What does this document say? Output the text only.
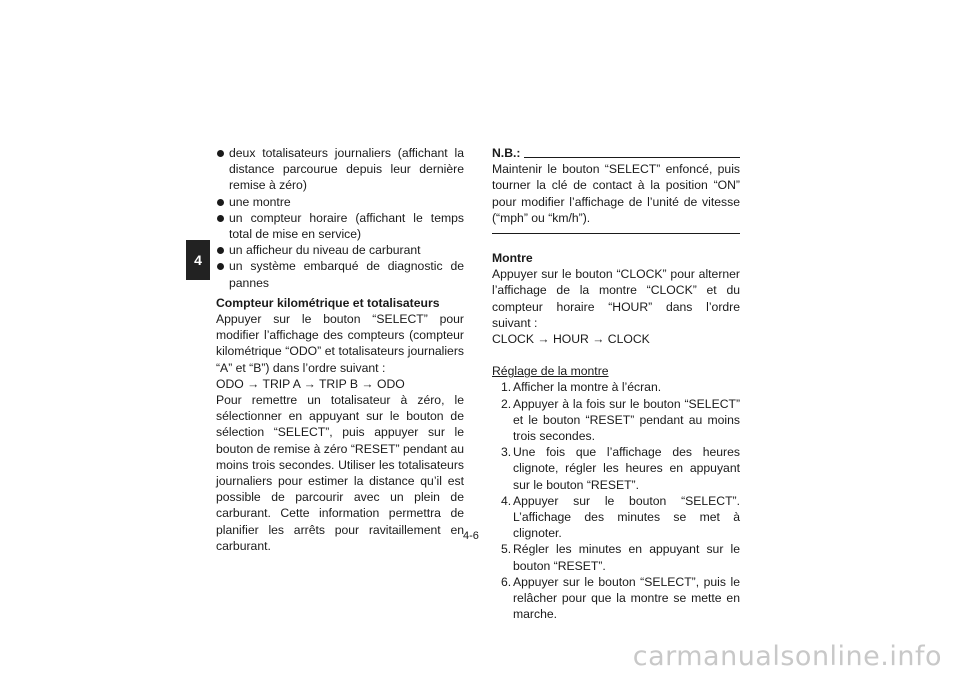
4
deux totalisateurs journaliers (affichant la distance parcourue depuis leur dernière remise à zéro)
une montre
un compteur horaire (affichant le temps total de mise en service)
un afficheur du niveau de carburant
un système embarqué de diagnostic de pannes

Compteur kilométrique et totalisateurs

Appuyer sur le bouton “SELECT” pour modifier l’affichage des compteurs (compteur kilométrique “ODO” et totalisateurs journaliers “A” et “B”) dans l’ordre suivant :

ODO → TRIP A → TRIP B → ODO

Pour remettre un totalisateur à zéro, le sélectionner en appuyant sur le bouton de sélection “SELECT”, puis appuyer sur le bouton de remise à zéro “RESET” pendant au moins trois secondes. Utiliser les totalisateurs journaliers pour estimer la distance qu’il est possible de parcourir avec un plein de carburant. Cette information permettra de planifier les arrêts pour ravitaillement en carburant.

N.B.:

Maintenir le bouton “SELECT” enfoncé, puis tourner la clé de contact à la position “ON” pour modifier l’affichage de l’unité de vitesse (“mph” ou “km/h”).

Montre

Appuyer sur le bouton “CLOCK” pour alterner l’affichage de la montre “CLOCK” et du compteur horaire “HOUR” dans l’ordre suivant :

CLOCK → HOUR → CLOCK

Réglage de la montre

1. Afficher la montre à l’écran.
2. Appuyer à la fois sur le bouton “SELECT” et le bouton “RESET” pendant au moins trois secondes.
3. Une fois que l’affichage des heures clignote, régler les heures en appuyant sur le bouton “RESET”.
4. Appuyer sur le bouton “SELECT”. L’affichage des minutes se met à clignoter.
5. Régler les minutes en appuyant sur le bouton “RESET”.
6. Appuyer sur le bouton “SELECT”, puis le relâcher pour que la montre se mette en marche.
4-6
carmanualsonline.info
